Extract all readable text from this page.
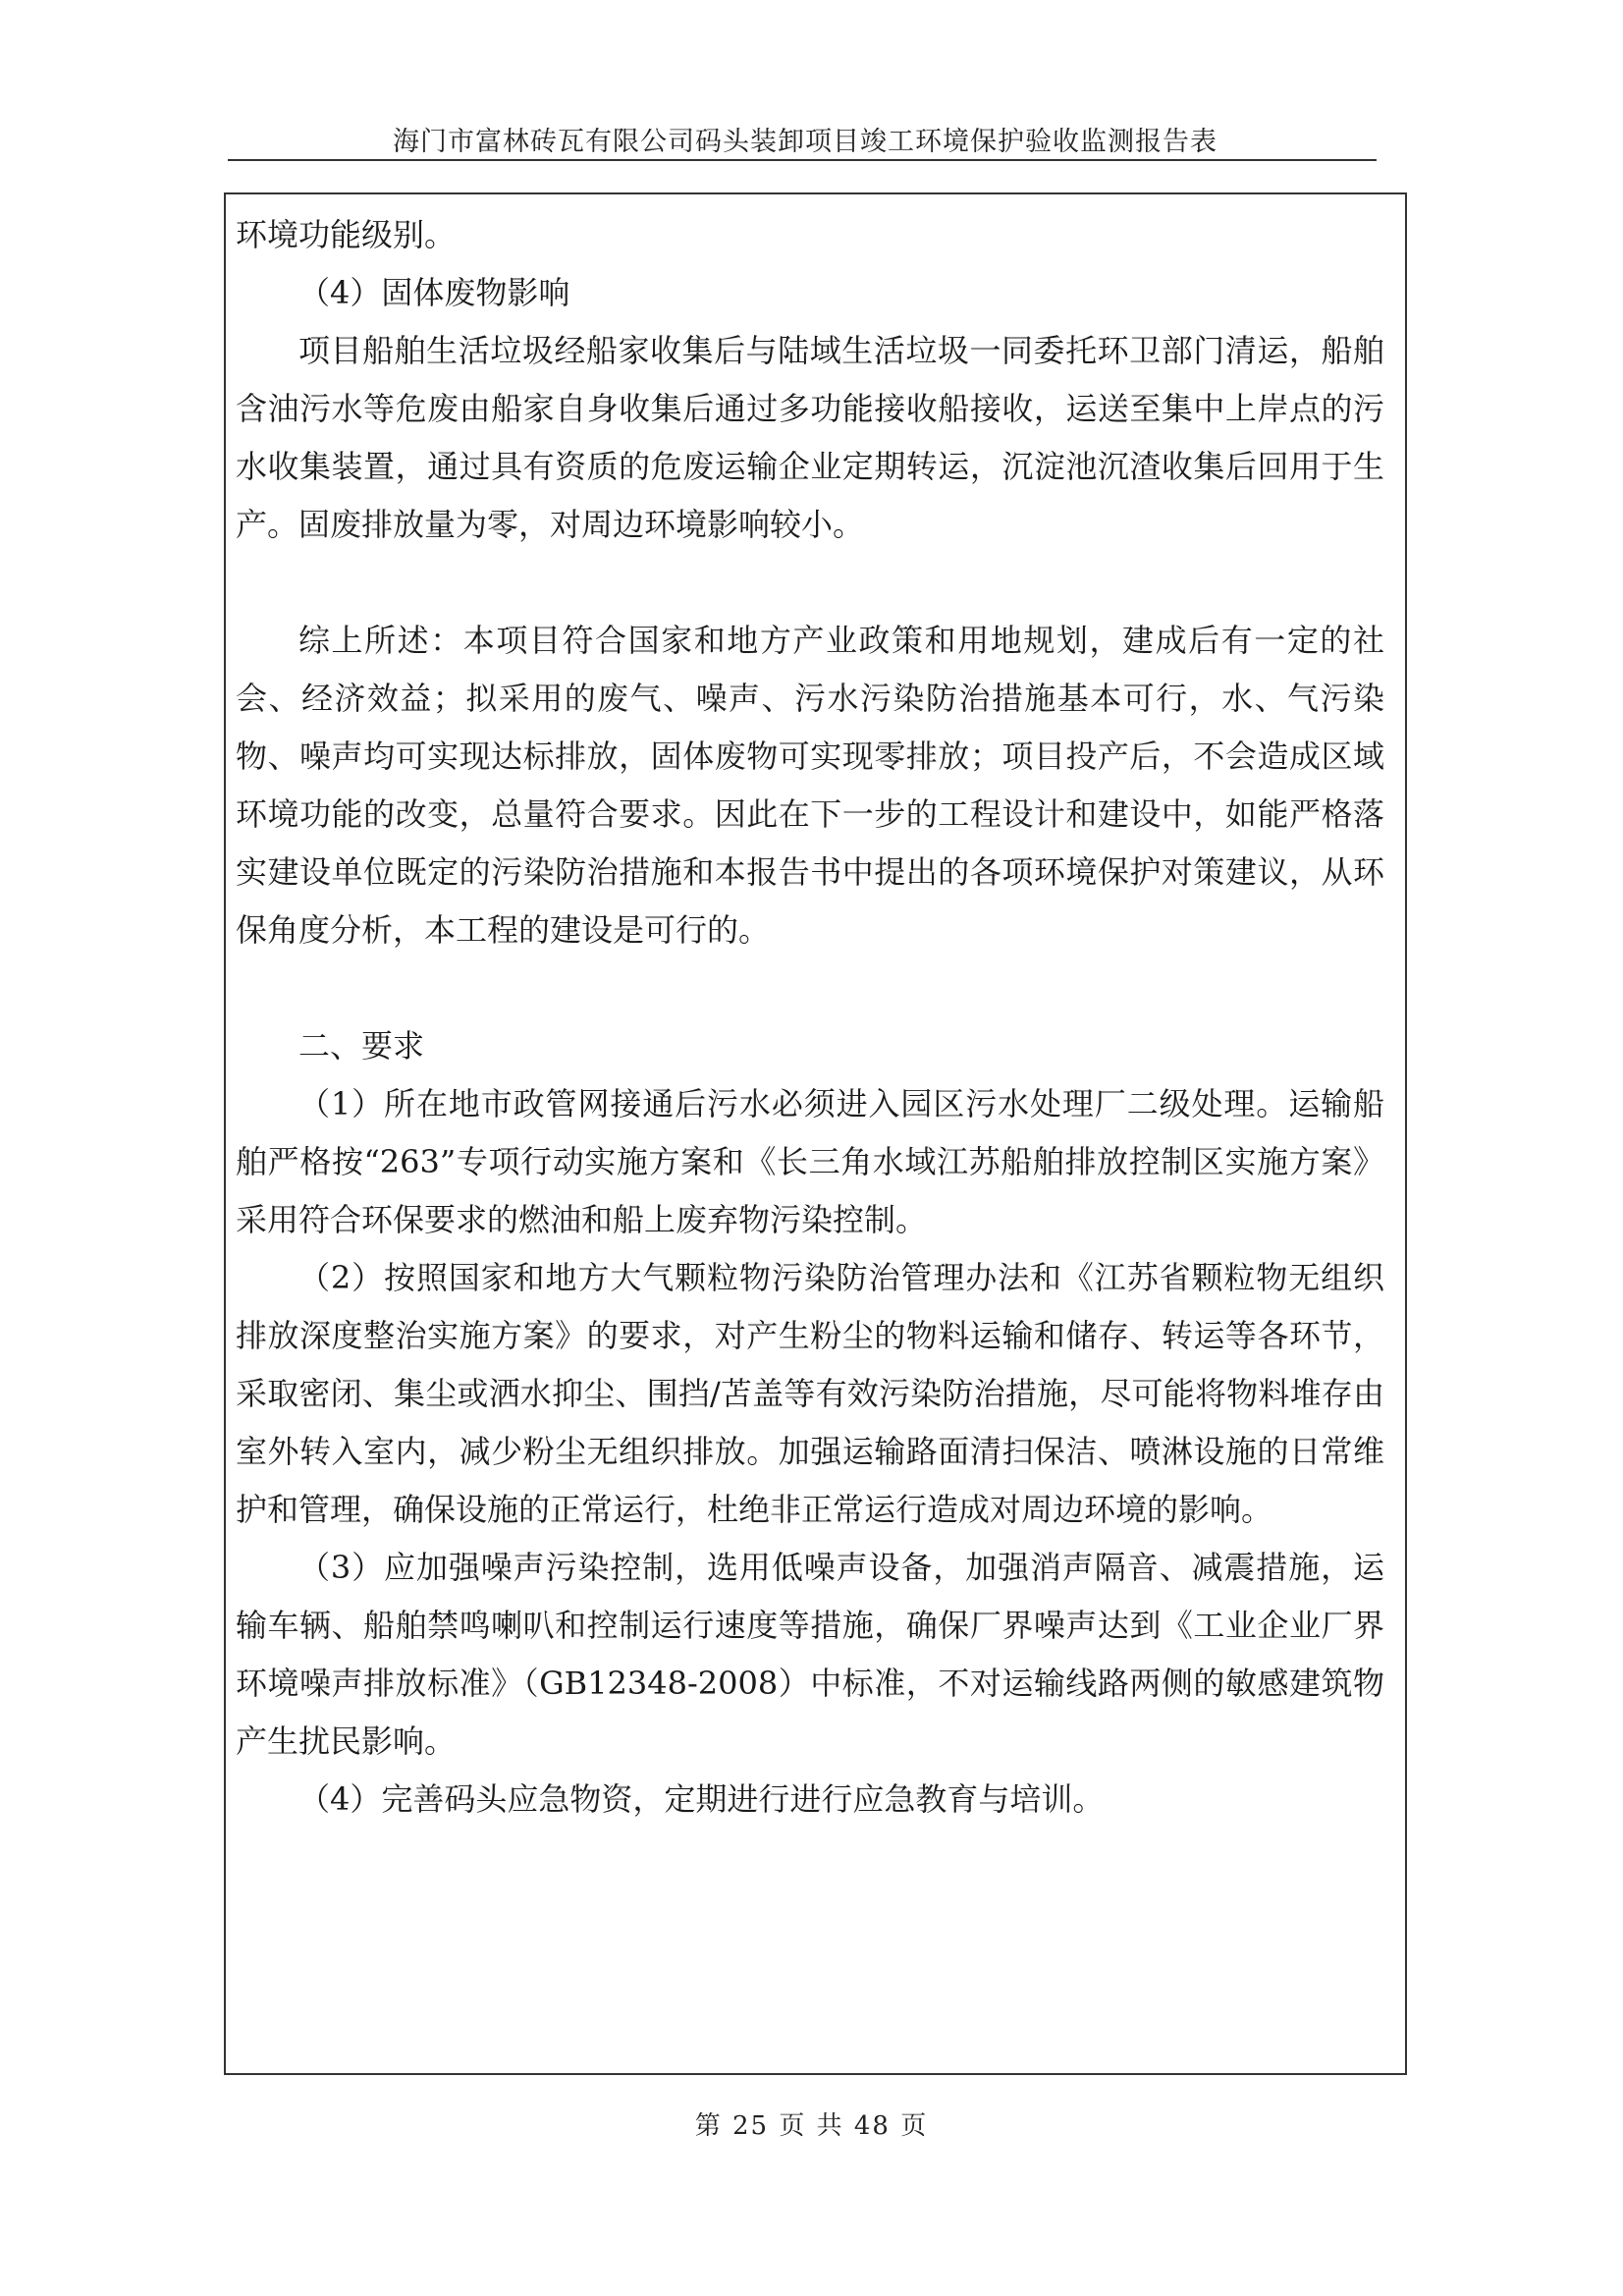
海门市富林砖瓦有限公司码头装卸项目竣工环境保护验收监测报告表

环境功能级别。

（4）固体废物影响

项目船舶生活垃圾经船家收集后与陆域生活垃圾一同委托环卫部门清运，船舶含油污水等危废由船家自身收集后通过多功能接收船接收，运送至集中上岸点的污水收集装置，通过具有资质的危废运输企业定期转运，沉淀池沉渣收集后回用于生产。固废排放量为零，对周边环境影响较小。

综上所述：本项目符合国家和地方产业政策和用地规划，建成后有一定的社会、经济效益；拟采用的废气、噪声、污水污染防治措施基本可行，水、气污染物、噪声均可实现达标排放，固体废物可实现零排放；项目投产后，不会造成区域环境功能的改变，总量符合要求。因此在下一步的工程设计和建设中，如能严格落实建设单位既定的污染防治措施和本报告书中提出的各项环境保护对策建议，从环保角度分析，本工程的建设是可行的。

二、要求

（1）所在地市政管网接通后污水必须进入园区污水处理厂二级处理。运输船舶严格按“263”专项行动实施方案和《长三角水域江苏船舶排放控制区实施方案》采用符合环保要求的燃油和船上废弃物污染控制。

（2）按照国家和地方大气颗粒物污染防治管理办法和《江苏省颗粒物无组织排放深度整治实施方案》的要求，对产生粉尘的物料运输和储存、转运等各环节，采取密闭、集尘或洒水抑尘、围挡/苫盖等有效污染防治措施，尽可能将物料堆存由室外转入室内，减少粉尘无组织排放。加强运输路面清扫保洁、喷淋设施的日常维护和管理，确保设施的正常运行，杜绝非正常运行造成对周边环境的影响。

（3）应加强噪声污染控制，选用低噪声设备，加强消声隔音、减震措施，运输车辆、船舶禁鸣喇叭和控制运行速度等措施，确保厂界噪声达到《工业企业厂界环境噪声排放标准》（GB12348-2008）中标准，不对运输线路两侧的敏感建筑物产生扰民影响。

（4）完善码头应急物资，定期进行进行应急教育与培训。

第 25 页 共 48 页
